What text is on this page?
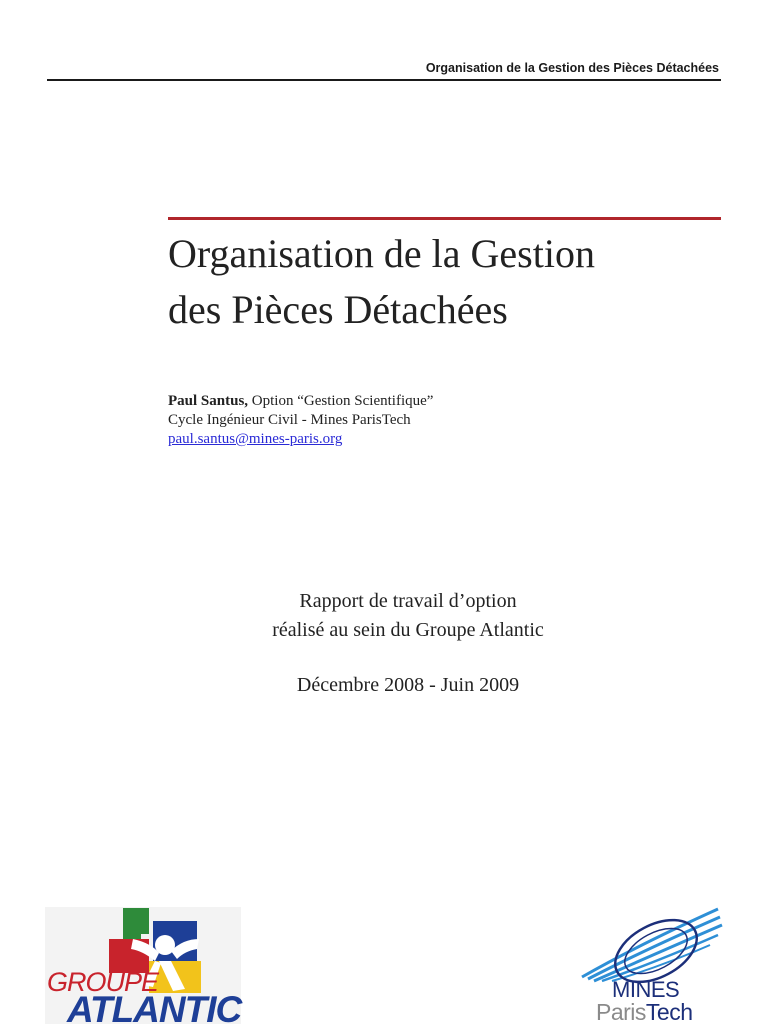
Organisation de la Gestion des Pièces Détachées
Organisation de la Gestion
des Pièces Détachées
Paul Santus, Option “Gestion Scientifique”
Cycle Ingénieur Civil - Mines ParisTech
paul.santus@mines-paris.org
Rapport de travail d’option
réalisé au sein du Groupe Atlantic
Décembre 2008 - Juin 2009
GROUPE
ATLANTIC	MINES
ParisTech
